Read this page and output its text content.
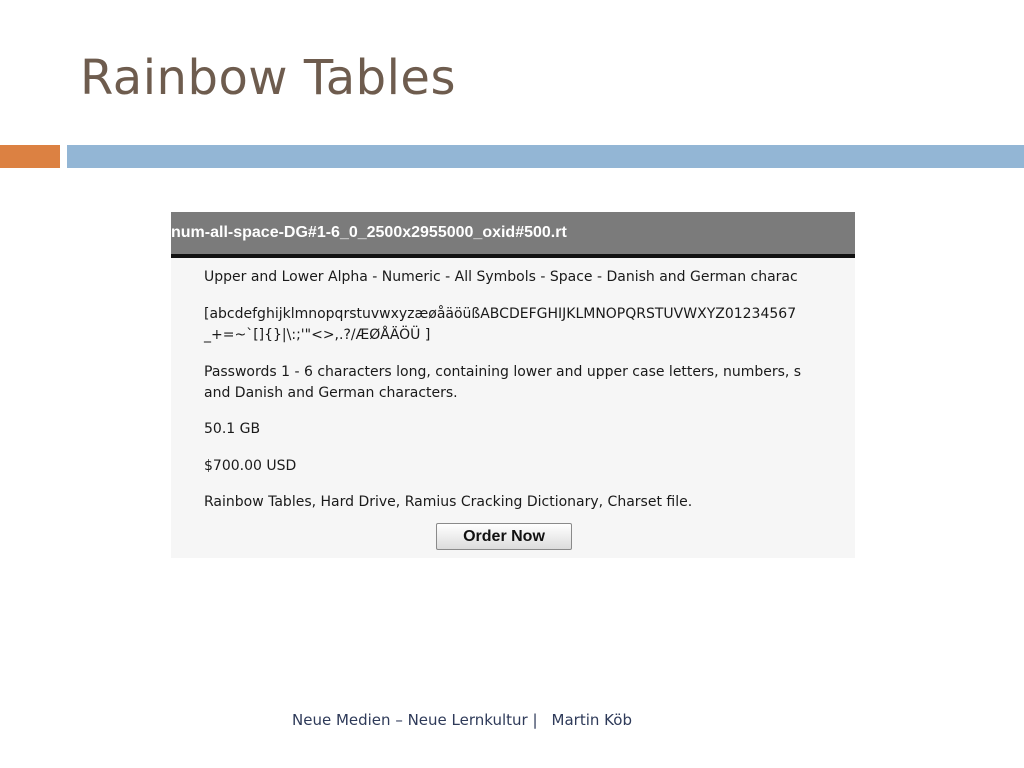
Rainbow Tables
num-all-space-DG#1-6_0_2500x2955000_oxid#500.rt
Upper and Lower Alpha - Numeric - All Symbols - Space - Danish and German charac
[abcdefghijklmnopqrstuvwxyzæøåäöüßABCDEFGHIJKLMNOPQRSTUVWXYZ01234567
_+=~`[]{}|\:;'"<>,.?/ÆØÅÄÖÜ ]
Passwords 1 - 6 characters long, containing lower and upper case letters, numbers, s
and Danish and German characters.
50.1 GB
$700.00 USD
Rainbow Tables, Hard Drive, Ramius Cracking Dictionary, Charset file.
Order Now
Neue Medien – Neue Lernkultur | Martin Köb
